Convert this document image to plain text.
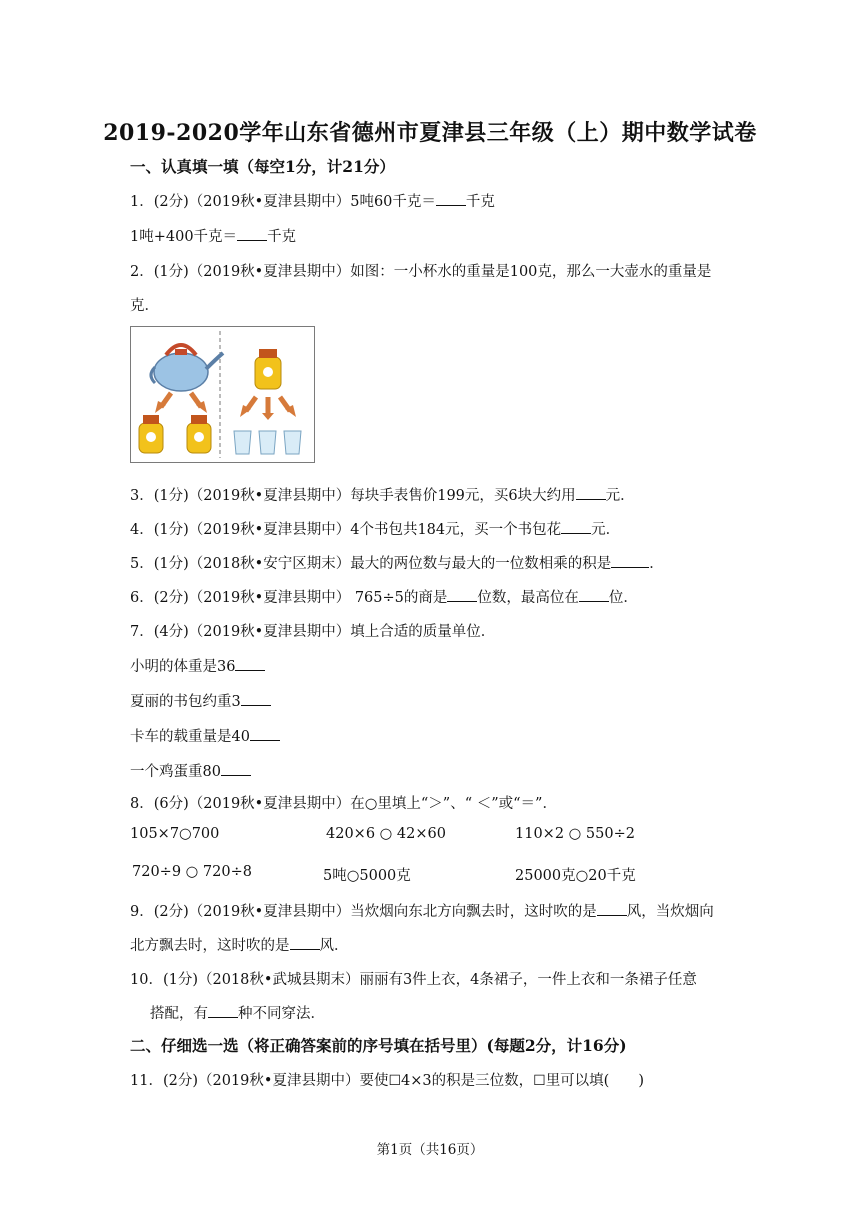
2019-2020学年山东省德州市夏津县三年级（上）期中数学试卷
一、认真填一填（每空1分，计21分）
1．(2分)（2019秋•夏津县期中）5吨60千克＝ 千克
1吨+400千克＝ 千克
2．(1分)（2019秋•夏津县期中）如图：一小杯水的重量是100克，那么一大壶水的重量是
克．
3．(1分)（2019秋•夏津县期中）每块手表售价199元，买6块大约用 元．
4．(1分)（2019秋•夏津县期中）4个书包共184元，买一个书包花 元．
5．(1分)（2018秋•安宁区期末）最大的两位数与最大的一位数相乘的积是	．
6．(2分)（2019秋•夏津县期中） 765÷5的商是 位数，最高位在 位．
7．(4分)（2019秋•夏津县期中）填上合适的质量单位．
小明的体重是36
夏丽的书包约重3
卡车的载重量是40
一个鸡蛋重80
8．(6分)（2019秋•夏津县期中）在○里填上“＞”、“ ＜”或“＝”．
105×7○700	420×6 ○ 42×60	110×2 ○ 550÷2
720÷9 ○ 720÷8	5吨○5000克	25000克○20千克
9．(2分)（2019秋•夏津县期中）当炊烟向东北方向飘去时，这时吹的是 风，当炊烟向
北方飘去时，这时吹的是 风．
10．(1分)（2018秋•武城县期末）丽丽有3件上衣，4条裙子，一件上衣和一条裙子任意
搭配，有 种不同穿法．
二、仔细选一选（将正确答案前的序号填在括号里）(每题2分，计16分)
11．(2分)（2019秋•夏津县期中）要使☐4×3的积是三位数，☐里可以填(　　)
第1页（共16页）
